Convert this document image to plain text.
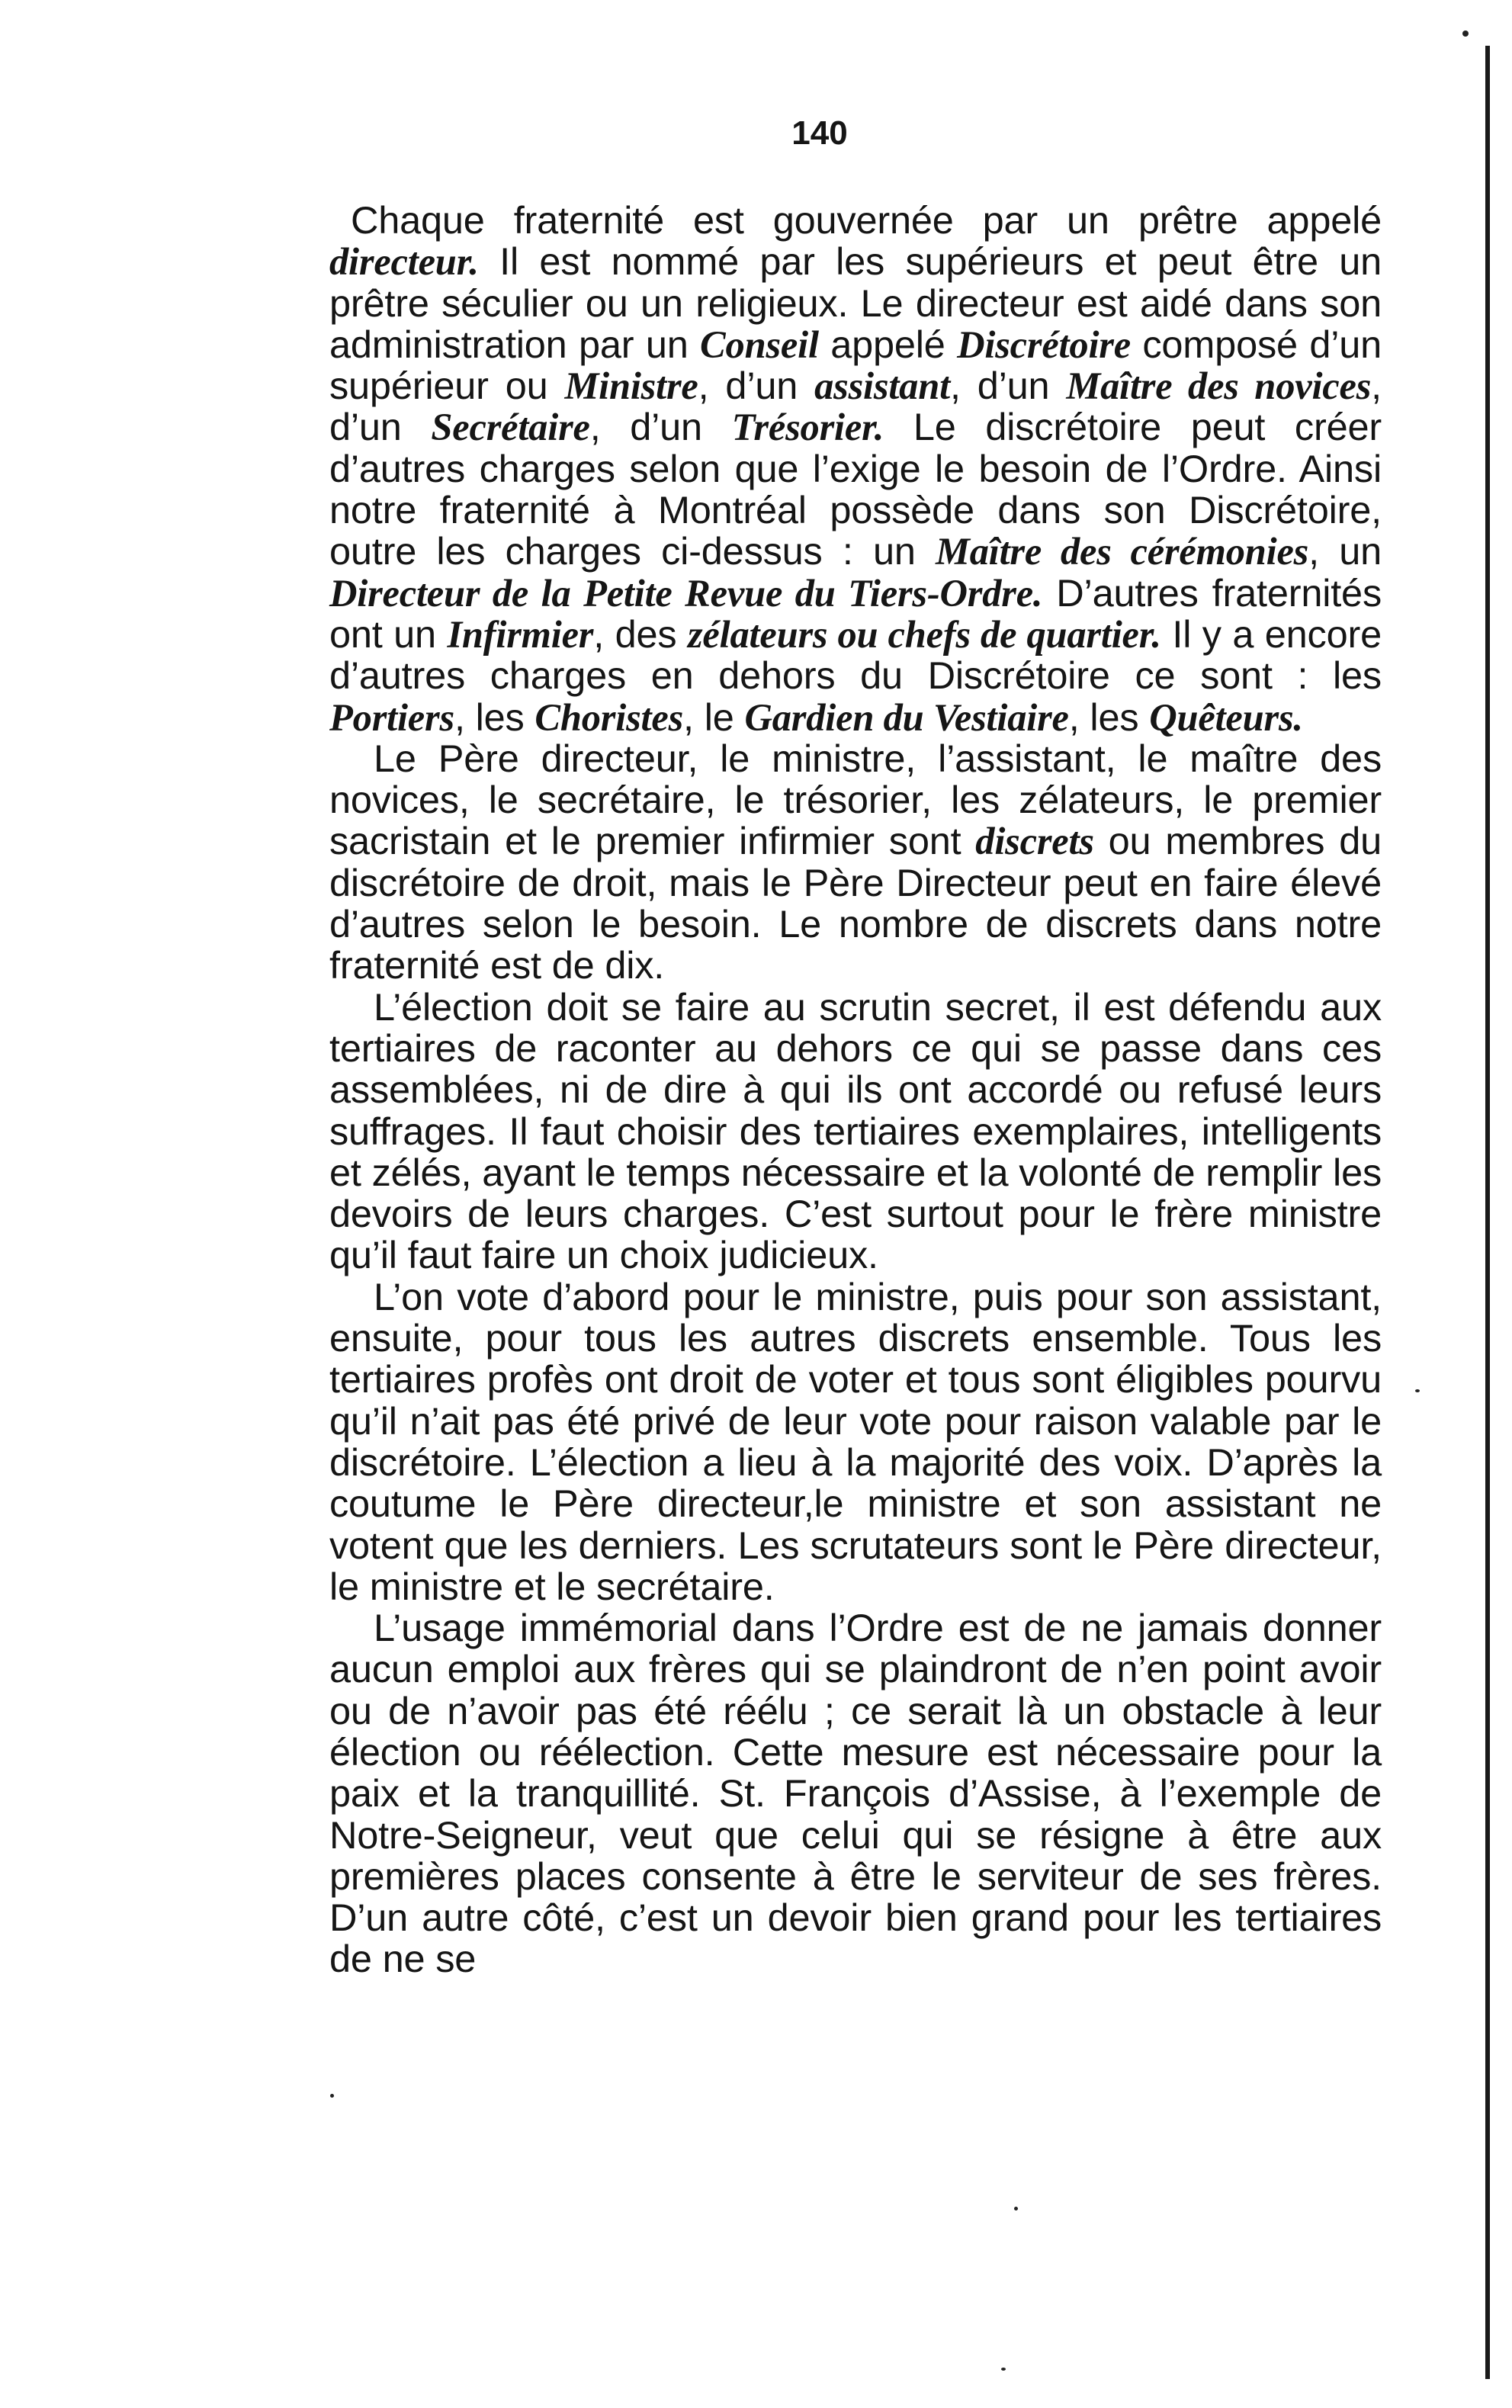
140

Chaque fraternité est gouvernée par un prêtre appelé directeur. Il est nommé par les supérieurs et peut être un prêtre séculier ou un religieux. Le directeur est aidé dans son administration par un Conseil appelé Discrétoire composé d’un supérieur ou Ministre, d’un assistant, d’un Maître des novices, d’un Secrétaire, d’un Trésorier. Le discrétoire peut créer d’autres charges selon que l’exige le besoin de l’Ordre. Ainsi notre fraternité à Montréal possède dans son Discrétoire, outre les charges ci-dessus : un Maître des cérémonies, un Directeur de la Petite Revue du Tiers-Ordre. D’autres fraternités ont un Infirmier, des zélateurs ou chefs de quartier. Il y a encore d’autres charges en dehors du Discrétoire ce sont : les Portiers, les Choristes, le Gardien du Vestiaire, les Quêteurs.

Le Père directeur, le ministre, l’assistant, le maître des novices, le secrétaire, le trésorier, les zélateurs, le premier sacristain et le premier infirmier sont discrets ou membres du discrétoire de droit, mais le Père Directeur peut en faire élevé d’autres selon le besoin. Le nombre de discrets dans notre fraternité est de dix.

L’élection doit se faire au scrutin secret, il est défendu aux tertiaires de raconter au dehors ce qui se passe dans ces assemblées, ni de dire à qui ils ont accordé ou refusé leurs suffrages. Il faut choisir des tertiaires exemplaires, intelligents et zélés, ayant le temps nécessaire et la volonté de remplir les devoirs de leurs charges. C’est surtout pour le frère ministre qu’il faut faire un choix judicieux.

L’on vote d’abord pour le ministre, puis pour son assistant, ensuite, pour tous les autres discrets ensemble. Tous les tertiaires profès ont droit de voter et tous sont éligibles pourvu qu’il n’ait pas été privé de leur vote pour raison valable par le discrétoire. L’élection a lieu à la majorité des voix. D’après la coutume le Père directeur,le ministre et son assistant ne votent que les derniers. Les scrutateurs sont le Père directeur, le ministre et le secrétaire.

L’usage immémorial dans l’Ordre est de ne jamais donner aucun emploi aux frères qui se plaindront de n’en point avoir ou de n’avoir pas été réélu ; ce serait là un obstacle à leur élection ou réélection. Cette mesure est nécessaire pour la paix et la tranquillité. St. François d’Assise, à l’exemple de Notre-Seigneur, veut que celui qui se résigne à être aux premières places consente à être le serviteur de ses frères. D’un autre côté, c’est un devoir bien grand pour les tertiaires de ne se
